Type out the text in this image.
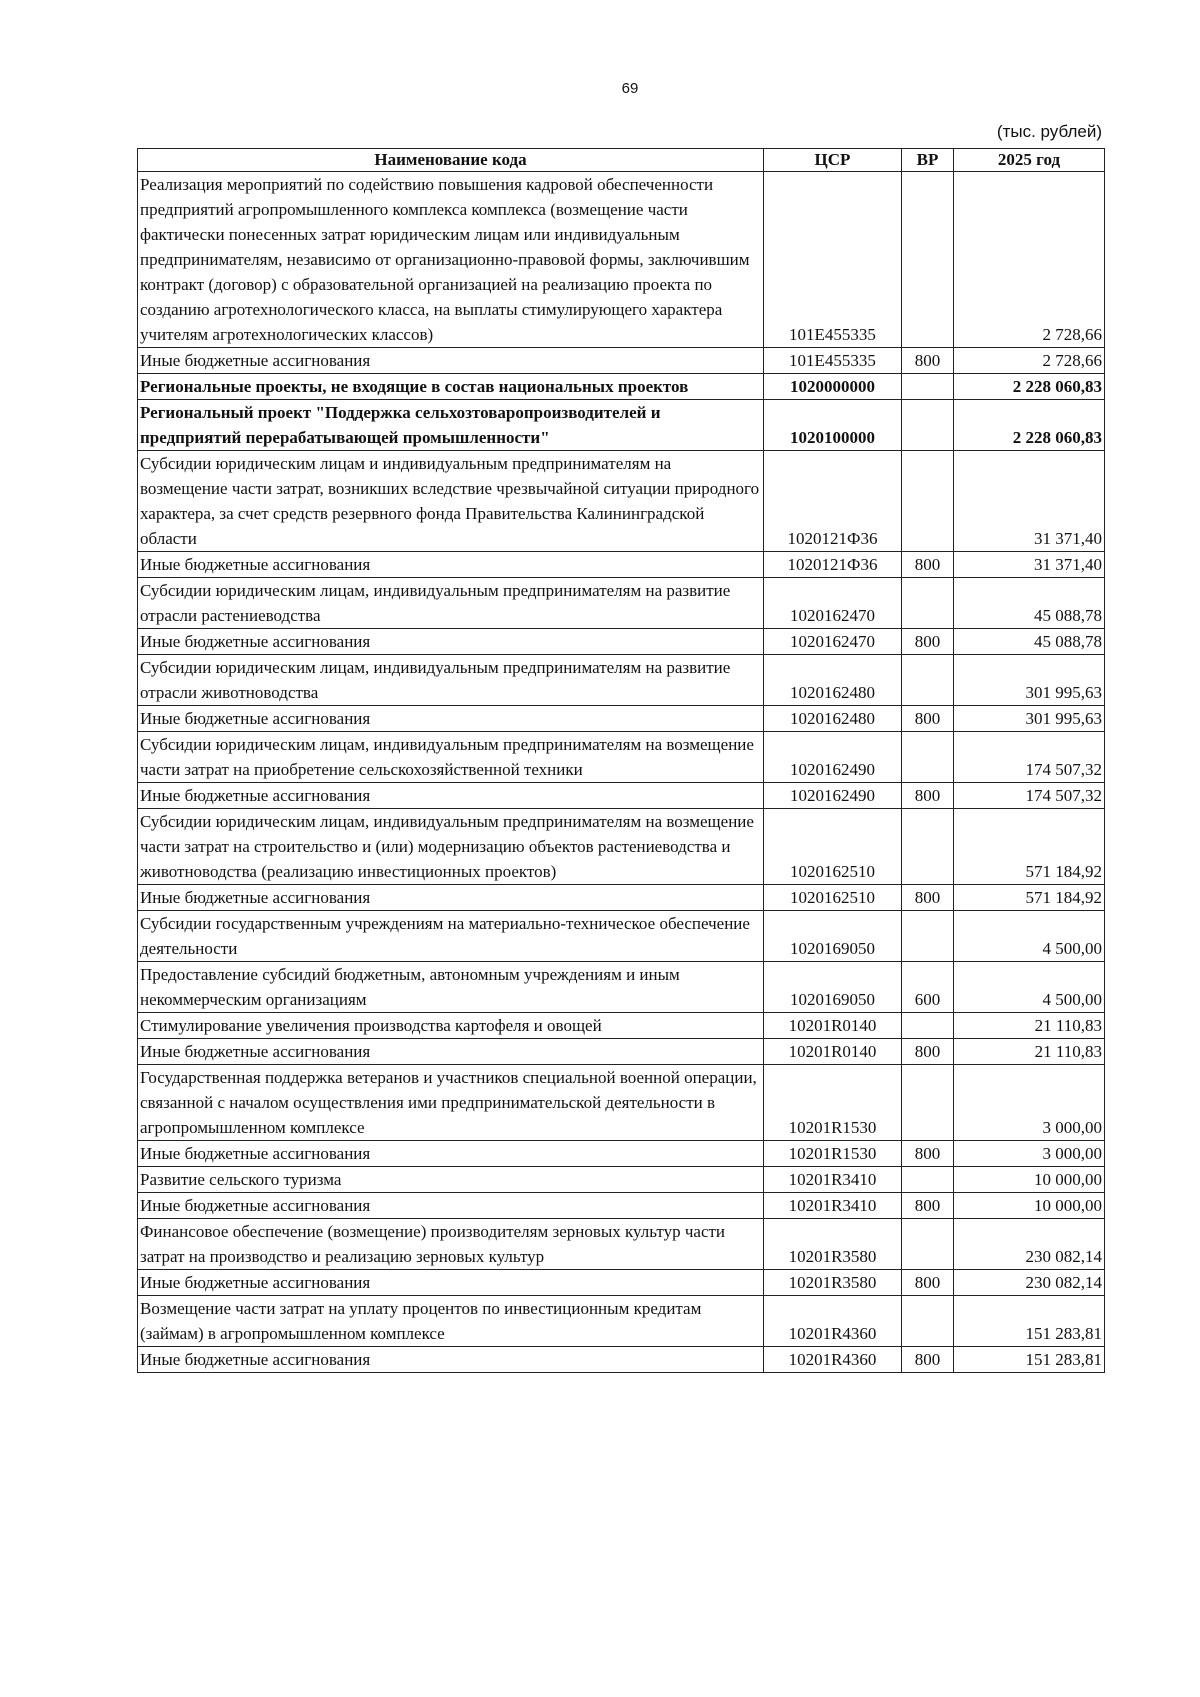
69
(тыс. рублей)
Наименование кода	ЦСР	ВР	2025 год
Реализация мероприятий по содействию повышения кадровой обеспеченности предприятий агропромышленного комплекса комплекса (возмещение части фактически понесенных затрат юридическим лицам или индивидуальным предпринимателям, независимо от организационно-правовой формы, заключившим контракт (договор) с образовательной организацией на реализацию проекта по созданию агротехнологического класса, на выплаты стимулирующего характера учителям агротехнологических классов)	101Е455335		2 728,66
Иные бюджетные ассигнования	101Е455335	800	2 728,66
Региональные проекты, не входящие в состав национальных проектов	1020000000		2 228 060,83
Региональный проект "Поддержка сельхозтоваропроизводителей и предприятий перерабатывающей промышленности"	1020100000		2 228 060,83
Субсидии юридическим лицам и индивидуальным предпринимателям на возмещение части затрат, возникших вследствие чрезвычайной ситуации природного характера, за счет средств резервного фонда Правительства Калининградской области	1020121Ф36		31 371,40
Иные бюджетные ассигнования	1020121Ф36	800	31 371,40
Субсидии юридическим лицам, индивидуальным предпринимателям на развитие отрасли растениеводства	1020162470		45 088,78
Иные бюджетные ассигнования	1020162470	800	45 088,78
Субсидии юридическим лицам, индивидуальным предпринимателям на развитие отрасли животноводства	1020162480		301 995,63
Иные бюджетные ассигнования	1020162480	800	301 995,63
Субсидии юридическим лицам, индивидуальным предпринимателям на возмещение части затрат на приобретение сельскохозяйственной техники	1020162490		174 507,32
Иные бюджетные ассигнования	1020162490	800	174 507,32
Субсидии юридическим лицам, индивидуальным предпринимателям на возмещение части затрат на строительство и (или) модернизацию объектов растениеводства и животноводства (реализацию инвестиционных проектов)	1020162510		571 184,92
Иные бюджетные ассигнования	1020162510	800	571 184,92
Субсидии государственным учреждениям на материально-техническое обеспечение деятельности	1020169050		4 500,00
Предоставление субсидий бюджетным, автономным учреждениям и иным некоммерческим организациям	1020169050	600	4 500,00
Стимулирование увеличения производства картофеля и овощей	10201R0140		21 110,83
Иные бюджетные ассигнования	10201R0140	800	21 110,83
Государственная поддержка ветеранов и участников специальной военной операции, связанной с началом осуществления ими предпринимательской деятельности в агропромышленном комплексе	10201R1530		3 000,00
Иные бюджетные ассигнования	10201R1530	800	3 000,00
Развитие сельского туризма	10201R3410		10 000,00
Иные бюджетные ассигнования	10201R3410	800	10 000,00
Финансовое обеспечение (возмещение) производителям зерновых культур части затрат на производство и реализацию зерновых культур	10201R3580		230 082,14
Иные бюджетные ассигнования	10201R3580	800	230 082,14
Возмещение части затрат на уплату процентов по инвестиционным кредитам (займам) в агропромышленном комплексе	10201R4360		151 283,81
Иные бюджетные ассигнования	10201R4360	800	151 283,81
